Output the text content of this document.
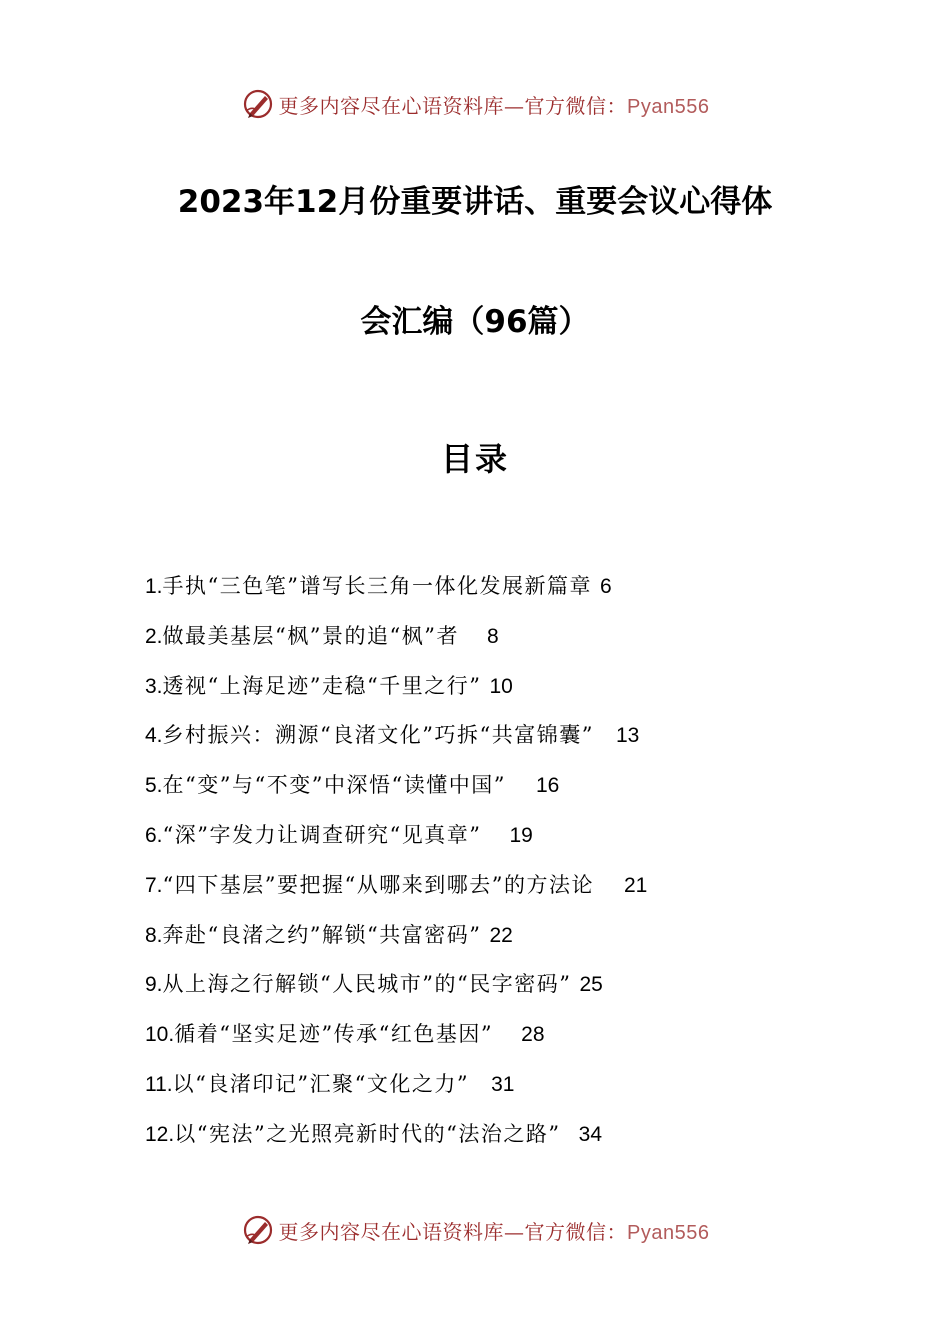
更多内容尽在心语资料库—官方微信：Pyan556
2023年12月份重要讲话、重要会议心得体
会汇编（96篇）
目录
1.手执“三色笔”谱写长三角一体化发展新篇章 6
2.做最美基层“枫”景的追“枫”者 8
3.透视“上海足迹”走稳“千里之行” 10
4.乡村振兴：溯源“良渚文化”巧拆“共富锦囊” 13
5.在“变”与“不变”中深悟“读懂中国” 16
6.“深”字发力让调查研究“见真章” 19
7.“四下基层”要把握“从哪来到哪去”的方法论 21
8.奔赴“良渚之约”解锁“共富密码” 22
9.从上海之行解锁“人民城市”的“民字密码” 25
10.循着“坚实足迹”传承“红色基因” 28
11.以“良渚印记”汇聚“文化之力” 31
12.以“宪法”之光照亮新时代的“法治之路” 34
更多内容尽在心语资料库—官方微信：Pyan556
